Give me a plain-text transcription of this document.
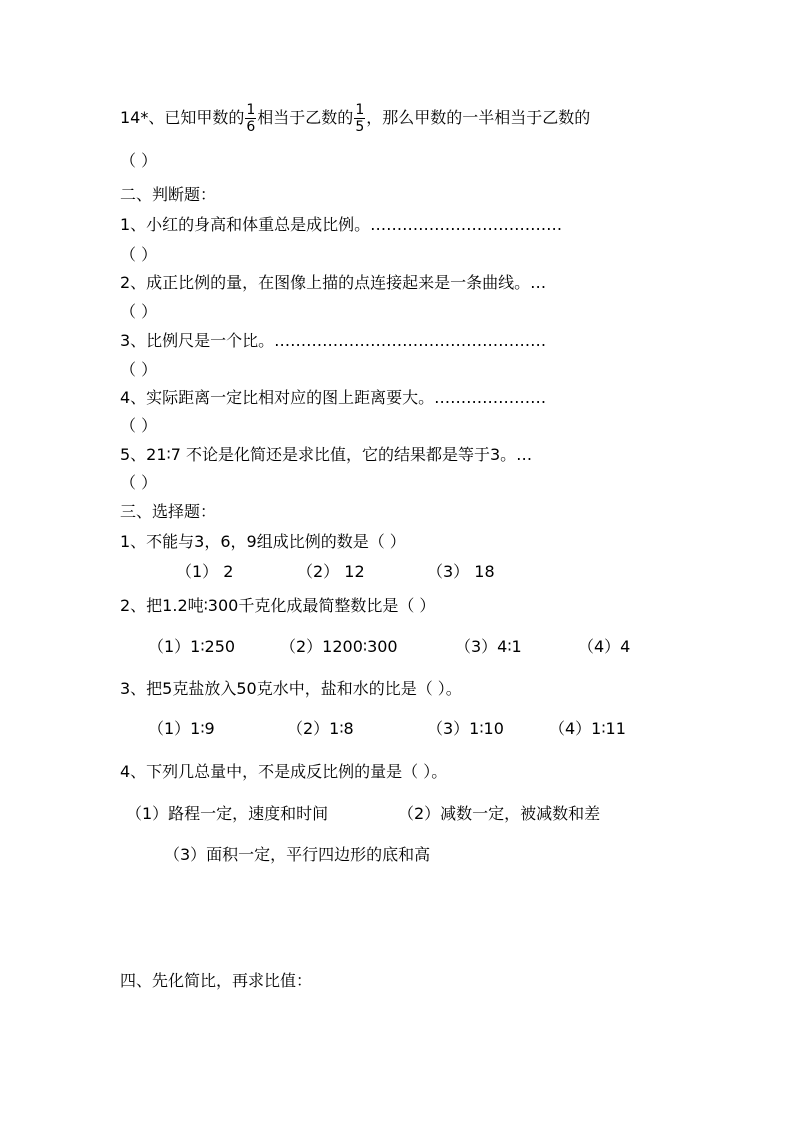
14*、已知甲数的 $\frac{1}{6}$ 相当于乙数的 $\frac{1}{5}$ ，那么甲数的一半相当于乙数的
（ ）
二、判断题：
1、小红的身高和体重总是成比例。………………………………
（ ）
2、成正比例的量，在图像上描的点连接起来是一条曲线。…
（ ）
3、比例尺是一个比。……………………………………………
（ ）
4、实际距离一定比相对应的图上距离要大。…………………
（ ）
5、21∶7 不论是化简还是求比值，它的结果都是等于3。…
（ ）
三、选择题：
1、不能与3，6，9组成比例的数是（ ）
（1） 2	（2） 12	（3） 18
2、把1.2吨∶300千克化成最简整数比是（ ）
（1）1∶250	（2）1200∶300	（3）4∶1	（4）4
3、把5克盐放入50克水中，盐和水的比是（ ）。
（1）1∶9	（2）1∶8	（3）1∶10	（4）1∶11
4、下列几总量中，不是成反比例的量是（ ）。
（1）路程一定，速度和时间	（2）减数一定，被减数和差
（3）面积一定，平行四边形的底和高
四、先化简比，再求比值：
